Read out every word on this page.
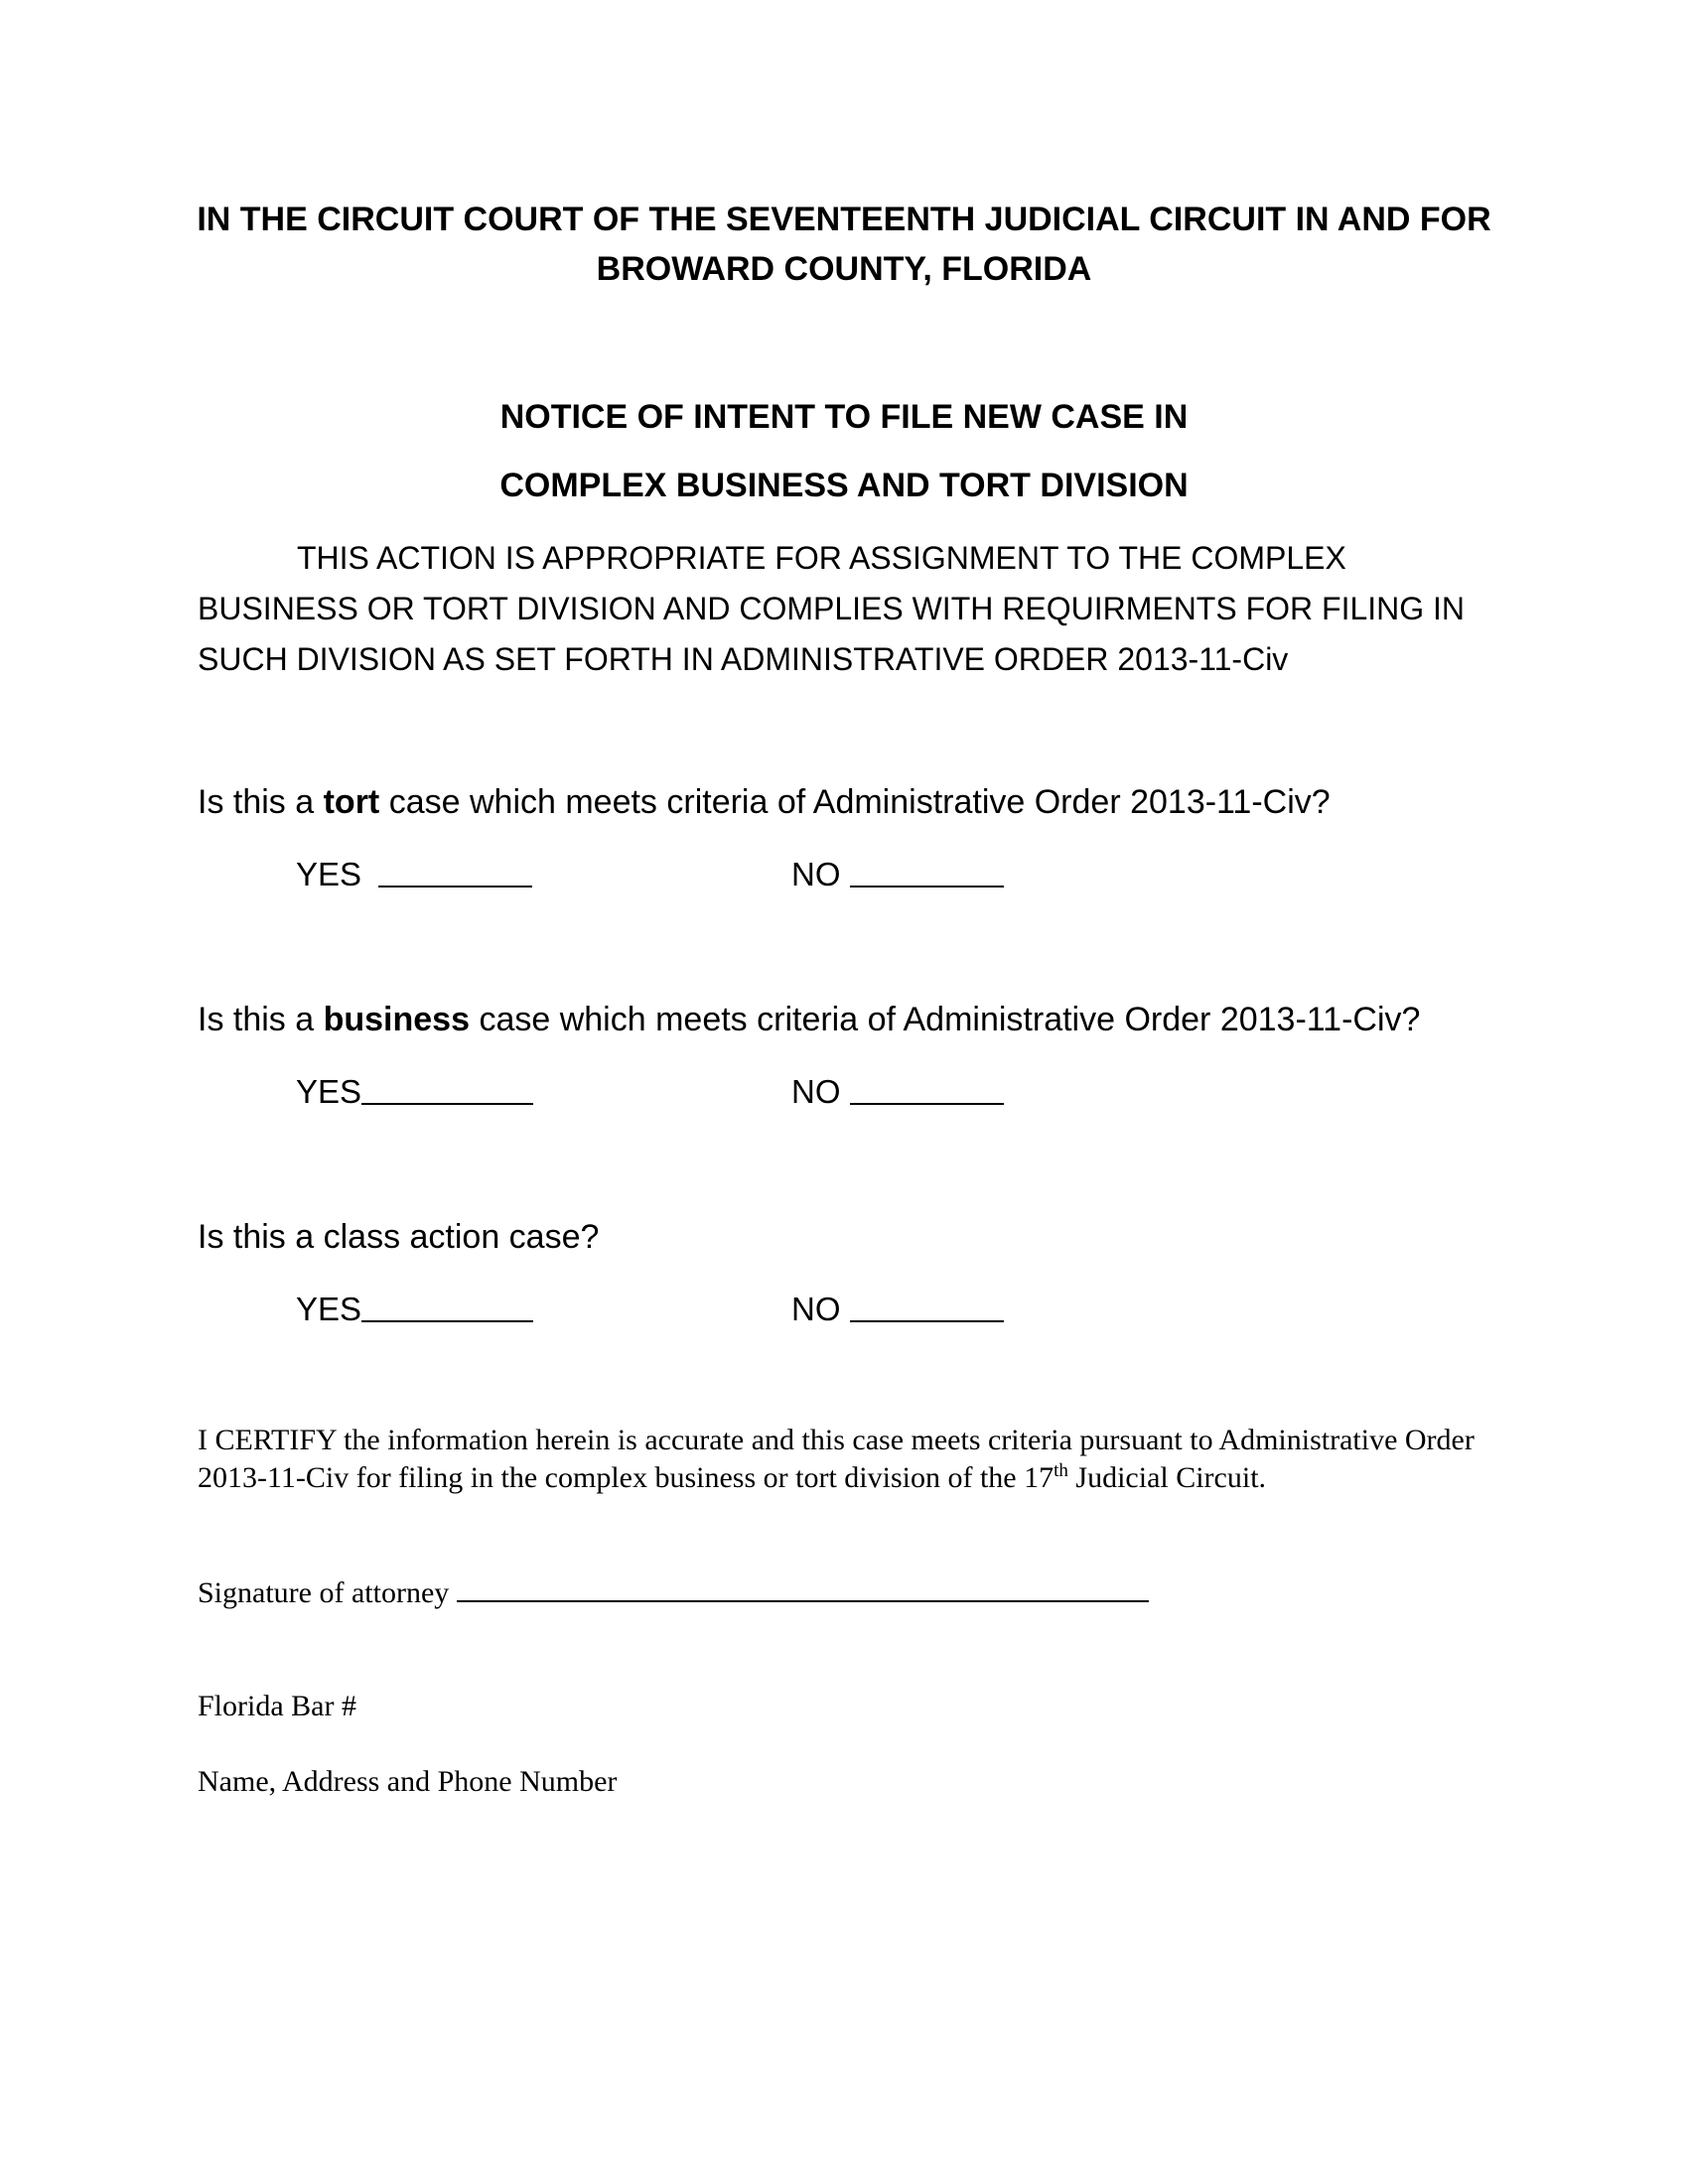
IN THE CIRCUIT COURT OF THE SEVENTEENTH JUDICIAL CIRCUIT IN AND FOR
BROWARD COUNTY, FLORIDA
NOTICE OF INTENT TO FILE NEW CASE IN
COMPLEX BUSINESS AND TORT DIVISION
THIS ACTION IS APPROPRIATE FOR ASSIGNMENT TO THE COMPLEX
BUSINESS OR TORT DIVISION AND COMPLIES WITH REQUIRMENTS FOR FILING IN
SUCH DIVISION AS SET FORTH IN ADMINISTRATIVE ORDER 2013-11-Civ
Is this a tort case which meets criteria of Administrative Order 2013-11-Civ?
YES	NO
Is this a business case which meets criteria of Administrative Order 2013-11-Civ?
YES	NO
Is this a class action case?
YES	NO
I CERTIFY the information herein is accurate and this case meets criteria pursuant to Administrative Order 2013-11-Civ for filing in the complex business or tort division of the 17th Judicial Circuit.
Signature of attorney
Florida Bar #
Name, Address and Phone Number
